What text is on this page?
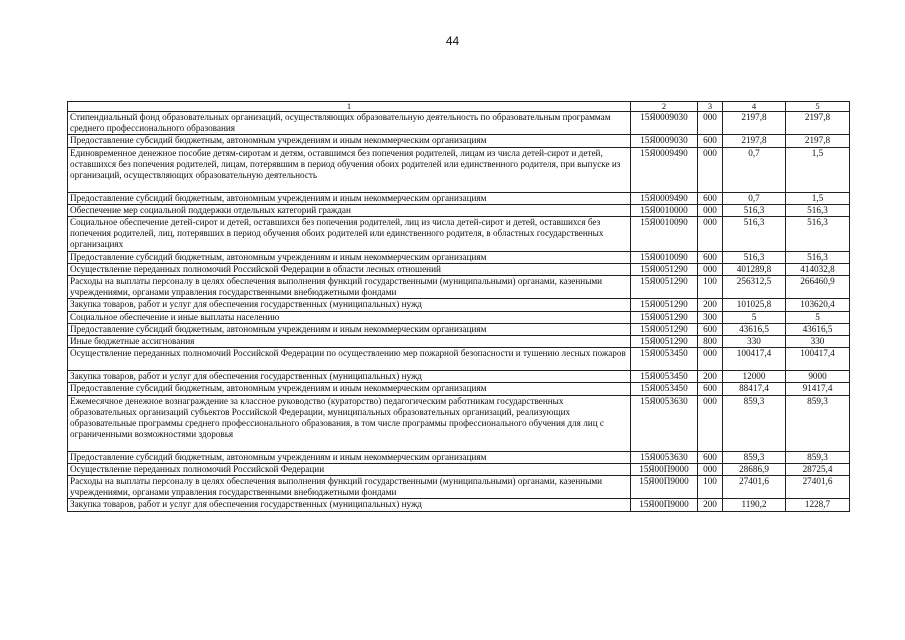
44
1	2	3	4	5
Стипендиальный фонд образовательных организаций, осуществляющих образовательную деятельность по образовательным программам среднего профессионального образования	15Я0009030	000	2197,8	2197,8
Предоставление субсидий бюджетным, автономным учреждениям и иным некоммерческим организациям	15Я0009030	600	2197,8	2197,8
Единовременное денежное пособие детям-сиротам и детям, оставшимся без попечения родителей, лицам из числа детей-сирот и детей, оставшихся без попечения родителей, лицам, потерявшим в период обучения обоих родителей или единственного родителя, при выпуске из организаций, осуществляющих образовательную деятельность	15Я0009490	000	0,7	1,5
Предоставление субсидий бюджетным, автономным учреждениям и иным некоммерческим организациям	15Я0009490	600	0,7	1,5
Обеспечение мер социальной поддержки отдельных категорий граждан	15Я0010000	000	516,3	516,3
Социальное обеспечение детей-сирот и детей, оставшихся без попечения родителей, лиц из числа детей-сирот и детей, оставшихся без попечения родителей, лиц, потерявших в период обучения обоих родителей или единственного родителя, в областных государственных организациях	15Я0010090	000	516,3	516,3
Предоставление субсидий бюджетным, автономным учреждениям и иным некоммерческим организациям	15Я0010090	600	516,3	516,3
Осуществление переданных полномочий Российской Федерации в области лесных отношений	15Я0051290	000	401289,8	414032,8
Расходы на выплаты персоналу в целях обеспечения выполнения функций государственными (муниципальными) органами, казенными учреждениями, органами управления государственными внебюджетными фондами	15Я0051290	100	256312,5	266460,9
Закупка товаров, работ и услуг для обеспечения государственных (муниципальных) нужд	15Я0051290	200	101025,8	103620,4
Социальное обеспечение и иные выплаты населению	15Я0051290	300	5	5
Предоставление субсидий бюджетным, автономным учреждениям и иным некоммерческим организациям	15Я0051290	600	43616,5	43616,5
Иные бюджетные ассигнования	15Я0051290	800	330	330
Осуществление переданных полномочий Российской Федерации по осуществлению мер пожарной безопасности и тушению лесных пожаров	15Я0053450	000	100417,4	100417,4
Закупка товаров, работ и услуг для обеспечения государственных (муниципальных) нужд	15Я0053450	200	12000	9000
Предоставление субсидий бюджетным, автономным учреждениям и иным некоммерческим организациям	15Я0053450	600	88417,4	91417,4
Ежемесячное денежное вознаграждение за классное руководство (кураторство) педагогическим работникам государственных образовательных организаций субъектов Российской Федерации, муниципальных образовательных организаций, реализующих образовательные программы среднего профессионального образования, в том числе программы профессионального обучения для лиц с ограниченными возможностями здоровья	15Я0053630	000	859,3	859,3
Предоставление субсидий бюджетным, автономным учреждениям и иным некоммерческим организациям	15Я0053630	600	859,3	859,3
Осуществление переданных полномочий Российской Федерации	15Я00П9000	000	28686,9	28725,4
Расходы на выплаты персоналу в целях обеспечения выполнения функций государственными (муниципальными) органами, казенными учреждениями, органами управления государственными внебюджетными фондами	15Я00П9000	100	27401,6	27401,6
Закупка товаров, работ и услуг для обеспечения государственных (муниципальных) нужд	15Я00П9000	200	1190,2	1228,7
